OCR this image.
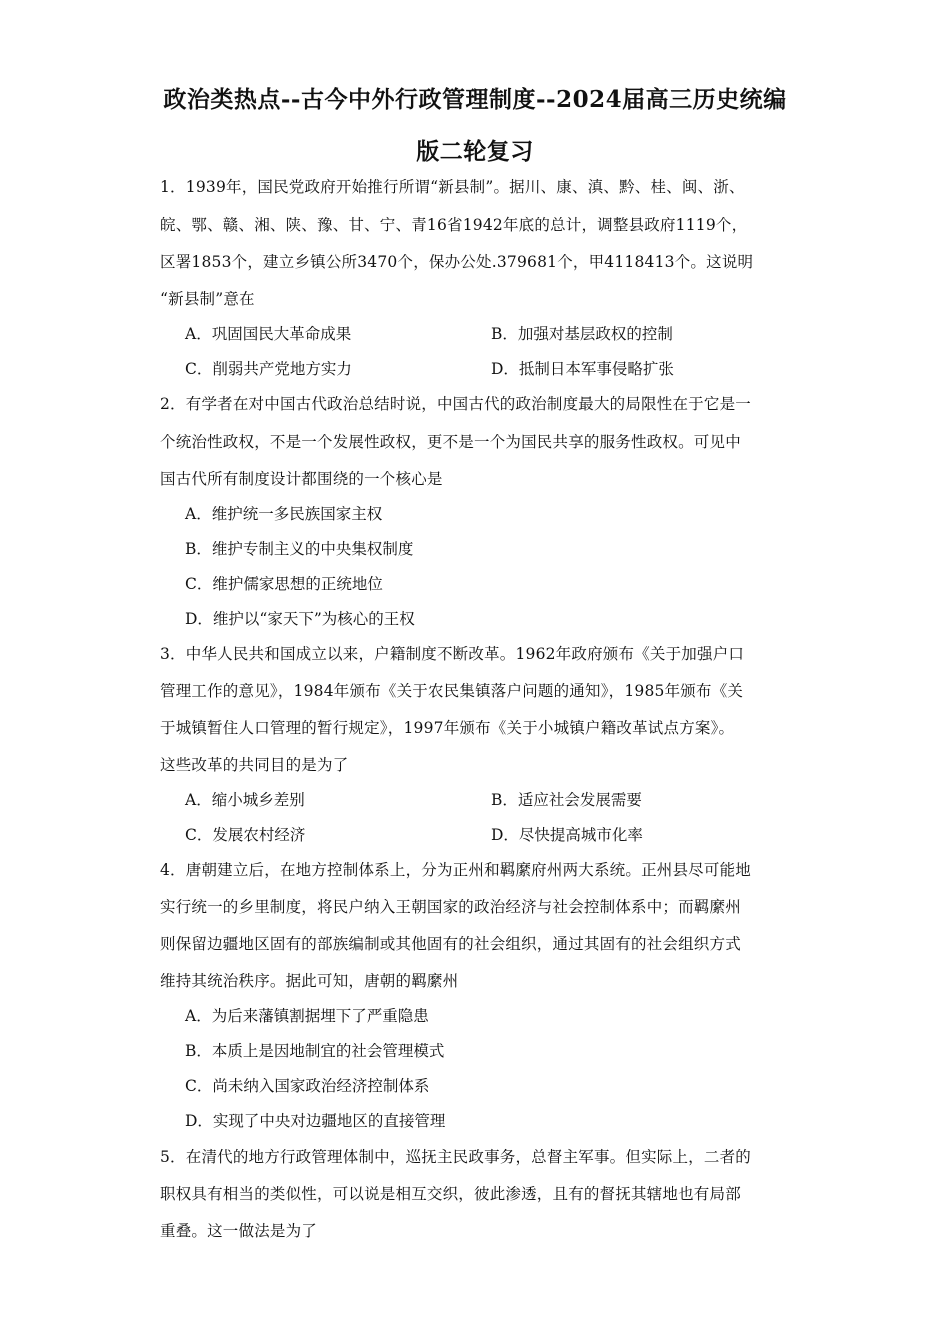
政治类热点--古今中外行政管理制度--2024届高三历史统编
版二轮复习
1．1939年，国民党政府开始推行所谓“新县制”。据川、康、滇、黔、桂、闽、浙、
皖、鄂、赣、湘、陕、豫、甘、宁、青16省1942年底的总计，调整县政府1119个，
区署1853个，建立乡镇公所3470个，保办公处.379681个，甲4118413个。这说明
“新县制”意在
A．巩固国民大革命成果	B．加强对基层政权的控制
C．削弱共产党地方实力	D．抵制日本军事侵略扩张
2．有学者在对中国古代政治总结时说，中国古代的政治制度最大的局限性在于它是一
个统治性政权，不是一个发展性政权，更不是一个为国民共享的服务性政权。可见中
国古代所有制度设计都围绕的一个核心是
A．维护统一多民族国家主权
B．维护专制主义的中央集权制度
C．维护儒家思想的正统地位
D．维护以“家天下”为核心的王权
3．中华人民共和国成立以来，户籍制度不断改革。1962年政府颁布《关于加强户口
管理工作的意见》，1984年颁布《关于农民集镇落户问题的通知》，1985年颁布《关
于城镇暂住人口管理的暂行规定》，1997年颁布《关于小城镇户籍改革试点方案》。
这些改革的共同目的是为了
A．缩小城乡差别	B．适应社会发展需要
C．发展农村经济	D．尽快提高城市化率
4．唐朝建立后，在地方控制体系上，分为正州和羁縻府州两大系统。正州县尽可能地
实行统一的乡里制度，将民户纳入王朝国家的政治经济与社会控制体系中；而羁縻州
则保留边疆地区固有的部族编制或其他固有的社会组织，通过其固有的社会组织方式
维持其统治秩序。据此可知，唐朝的羁縻州
A．为后来藩镇割据埋下了严重隐患
B．本质上是因地制宜的社会管理模式
C．尚未纳入国家政治经济控制体系
D．实现了中央对边疆地区的直接管理
5．在清代的地方行政管理体制中，巡抚主民政事务，总督主军事。但实际上，二者的
职权具有相当的类似性，可以说是相互交织，彼此渗透，且有的督抚其辖地也有局部
重叠。这一做法是为了
